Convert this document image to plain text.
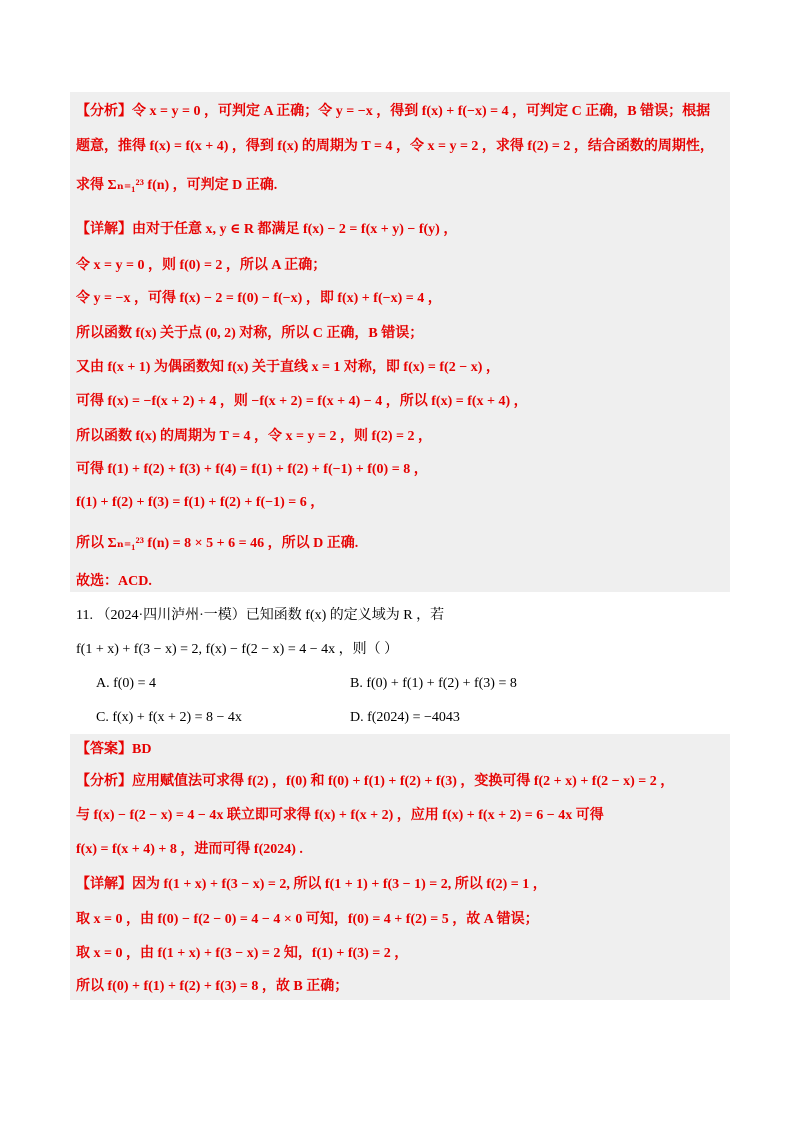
【分析】令 x = y = 0 ，可判定 A 正确；令 y = −x ，得到 f(x) + f(−x) = 4 ，可判定 C 正确，B 错误；根据
题意，推得 f(x) = f(x + 4) ，得到 f(x) 的周期为 T = 4 ，令 x = y = 2 ，求得 f(2) = 2 ，结合函数的周期性，
求得 Σₙ₌₁²³ f(n) ，可判定 D 正确.
【详解】由对于任意 x, y ∈ R 都满足 f(x) − 2 = f(x + y) − f(y) ，
令 x = y = 0 ，则 f(0) = 2 ，所以 A 正确；
令 y = −x ，可得 f(x) − 2 = f(0) − f(−x) ，即 f(x) + f(−x) = 4 ，
所以函数 f(x) 关于点 (0, 2) 对称，所以 C 正确，B 错误；
又由 f(x + 1) 为偶函数知 f(x) 关于直线 x = 1 对称，即 f(x) = f(2 − x) ，
可得 f(x) = −f(x + 2) + 4 ，则 −f(x + 2) = f(x + 4) − 4 ，所以 f(x) = f(x + 4) ，
所以函数 f(x) 的周期为 T = 4 ，令 x = y = 2 ，则 f(2) = 2 ，
可得 f(1) + f(2) + f(3) + f(4) = f(1) + f(2) + f(−1) + f(0) = 8 ，
f(1) + f(2) + f(3) = f(1) + f(2) + f(−1) = 6 ，
所以 Σₙ₌₁²³ f(n) = 8 × 5 + 6 = 46 ，所以 D 正确.
故选：ACD.
11. （2024·四川泸州·一模）已知函数 f(x) 的定义域为 R ，若
f(1 + x) + f(3 − x) = 2, f(x) − f(2 − x) = 4 − 4x ，则（ ）
A. f(0) = 4	B. f(0) + f(1) + f(2) + f(3) = 8
C. f(x) + f(x + 2) = 8 − 4x	D. f(2024) = −4043
【答案】BD
【分析】应用赋值法可求得 f(2) ，f(0) 和 f(0) + f(1) + f(2) + f(3) ，变换可得 f(2 + x) + f(2 − x) = 2 ，
与 f(x) − f(2 − x) = 4 − 4x 联立即可求得 f(x) + f(x + 2) ，应用 f(x) + f(x + 2) = 6 − 4x 可得
f(x) = f(x + 4) + 8 ，进而可得 f(2024) .
【详解】因为 f(1 + x) + f(3 − x) = 2, 所以 f(1 + 1) + f(3 − 1) = 2, 所以 f(2) = 1 ，
取 x = 0 ，由 f(0) − f(2 − 0) = 4 − 4 × 0 可知，f(0) = 4 + f(2) = 5 ，故 A 错误；
取 x = 0 ，由 f(1 + x) + f(3 − x) = 2 知，f(1) + f(3) = 2 ，
所以 f(0) + f(1) + f(2) + f(3) = 8 ，故 B 正确；
